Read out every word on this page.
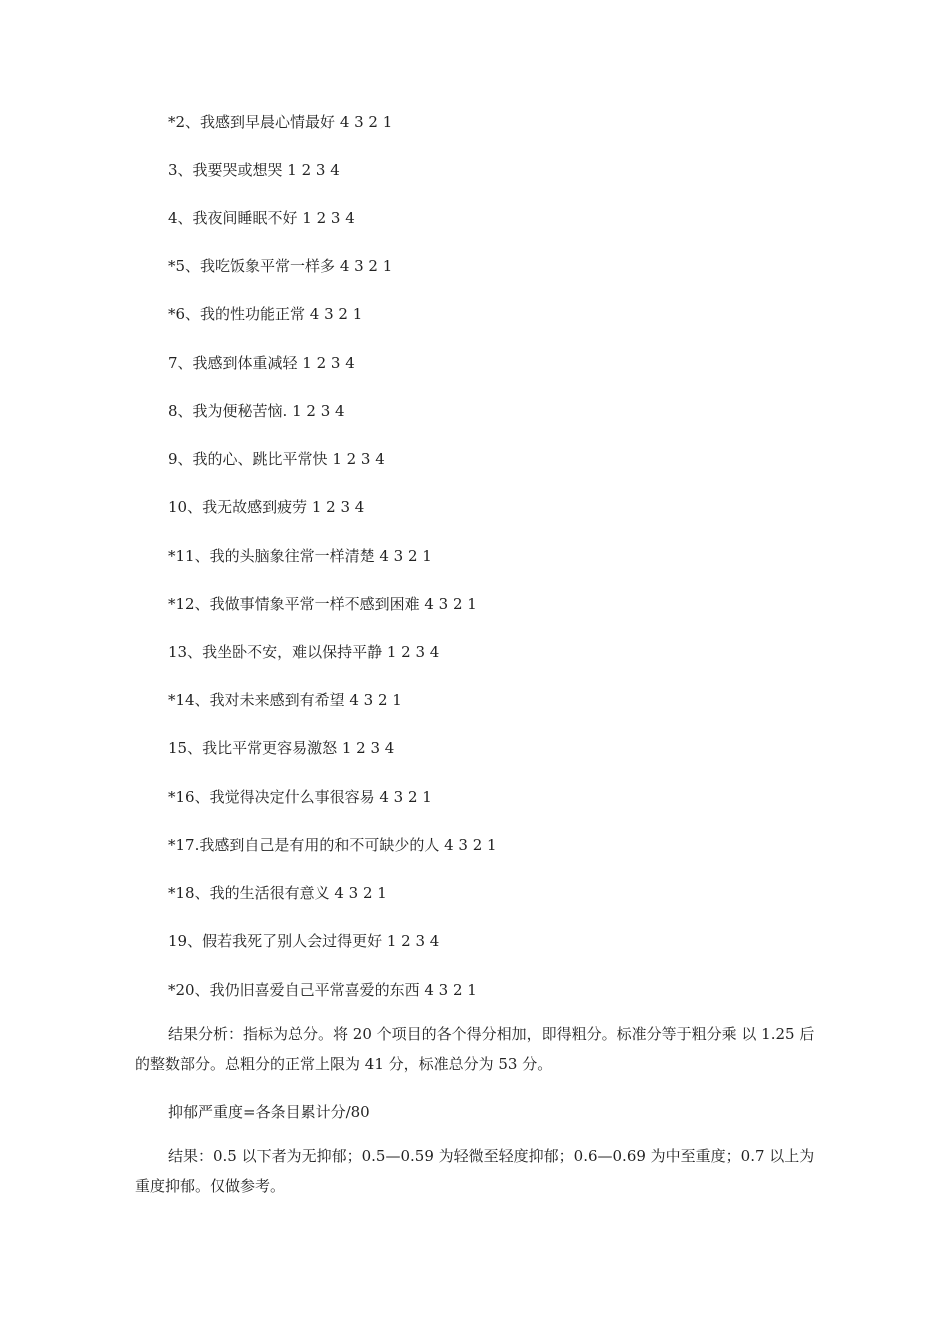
*2、我感到早晨心情最好 4 3 2 1

3、我要哭或想哭 1 2 3 4

4、我夜间睡眠不好 1 2 3 4

*5、我吃饭象平常一样多 4 3 2 1

*6、我的性功能正常 4 3 2 1

7、我感到体重减轻 1 2 3 4

8、我为便秘苦恼. 1 2 3 4

9、我的心、跳比平常快 1 2 3 4

10、我无故感到疲劳 1 2 3 4

*11、我的头脑象往常一样清楚 4 3 2 1

*12、我做事情象平常一样不感到困难 4 3 2 1

13、我坐卧不安，难以保持平静 1 2 3 4

*14、我对未来感到有希望 4 3 2 1

15、我比平常更容易激怒 1 2 3 4

*16、我觉得决定什么事很容易 4 3 2 1

*17.我感到自己是有用的和不可缺少的人 4 3 2 1

*18、我的生活很有意义 4 3 2 1

19、假若我死了别人会过得更好 1 2 3 4

*20、我仍旧喜爱自己平常喜爱的东西 4 3 2 1

结果分析：指标为总分。将 20 个项目的各个得分相加，即得粗分。标准分等于粗分乘 以 1.25 后的整数部分。总粗分的正常上限为 41 分，标准总分为 53 分。

抑郁严重度=各条目累计分/80

结果：0.5 以下者为无抑郁；0.5—0.59 为轻微至轻度抑郁；0.6—0.69 为中至重度；0.7 以上为重度抑郁。仅做参考。
